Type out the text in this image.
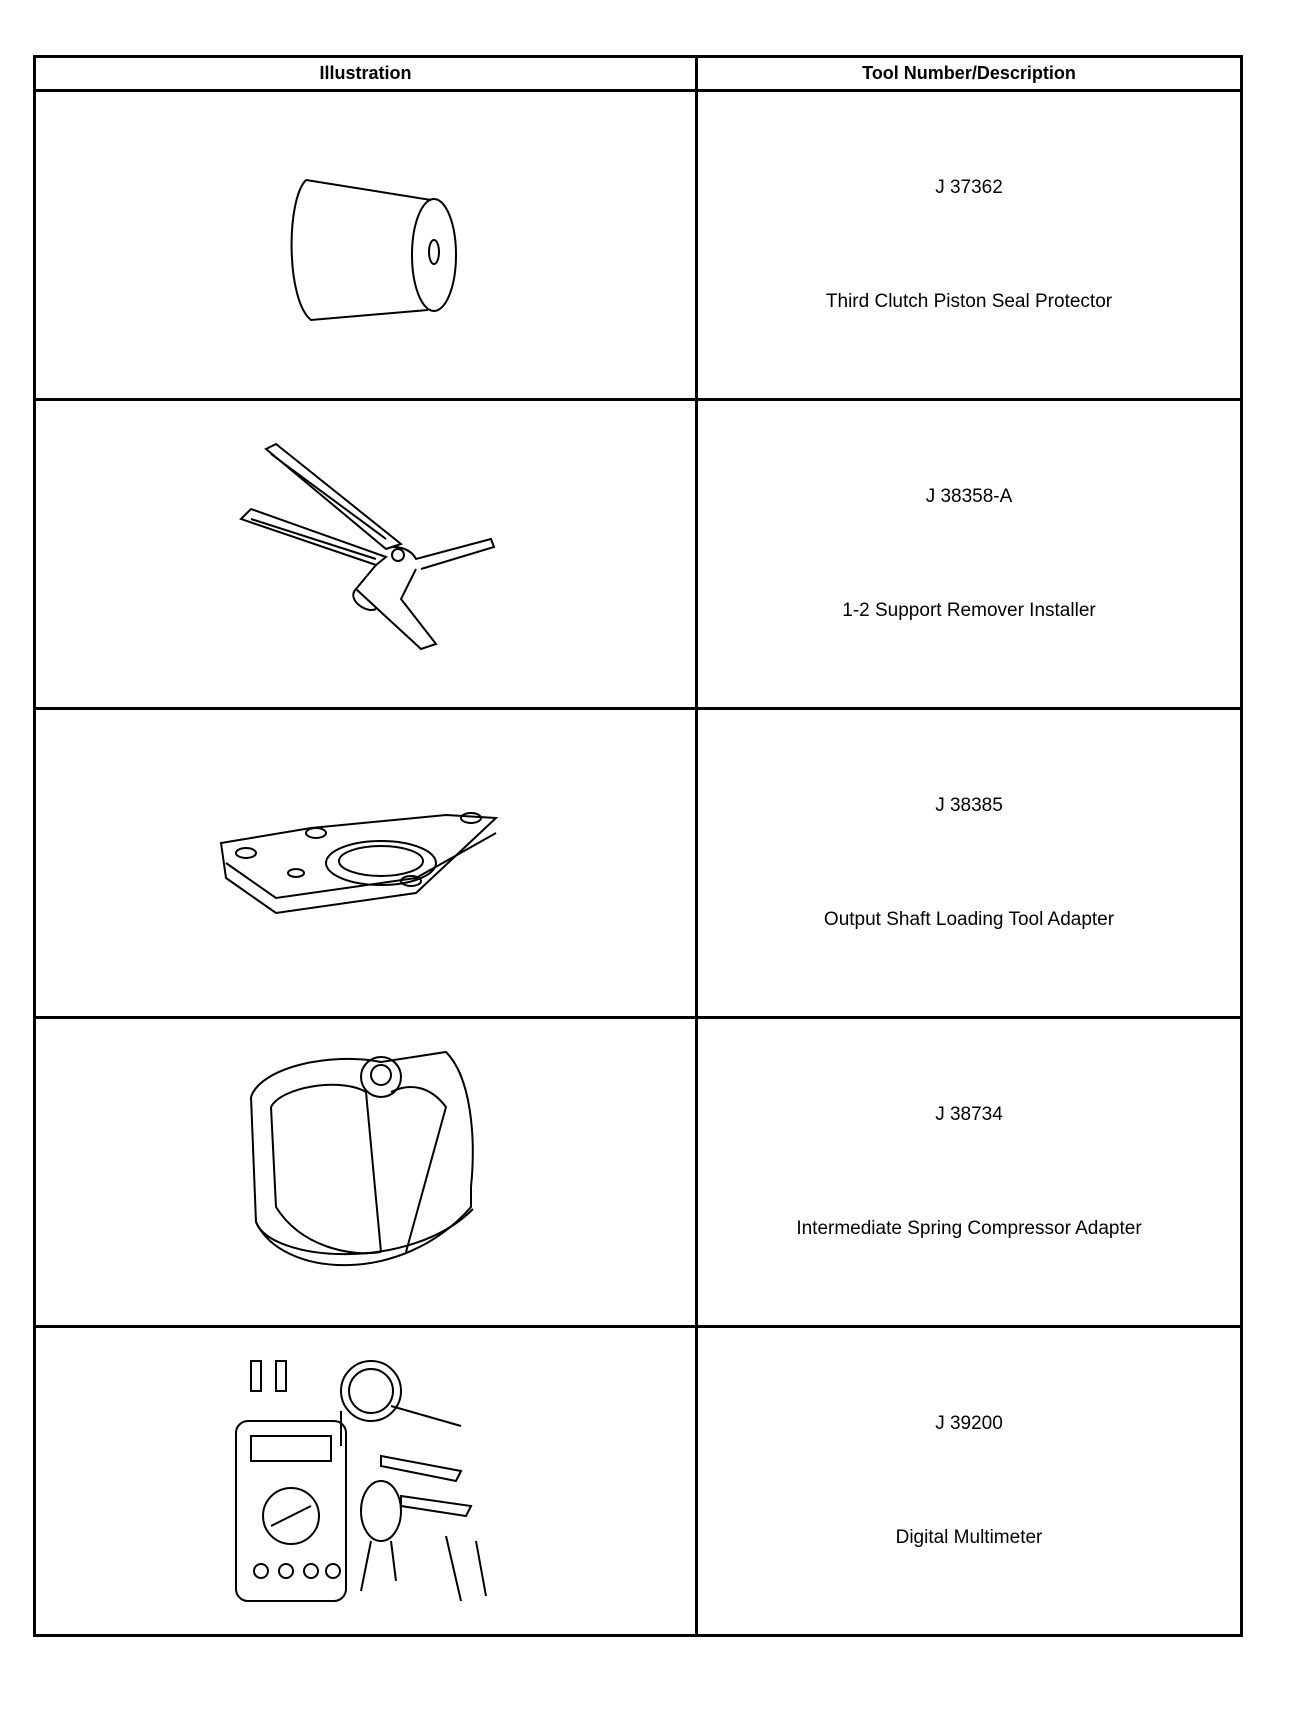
Illustration	Tool Number/Description

J 37362
Third Clutch Piston Seal Protector

J 38358-A
1-2 Support Remover Installer

J 38385
Output Shaft Loading Tool Adapter

J 38734
Intermediate Spring Compressor Adapter

J 39200
Digital Multimeter
